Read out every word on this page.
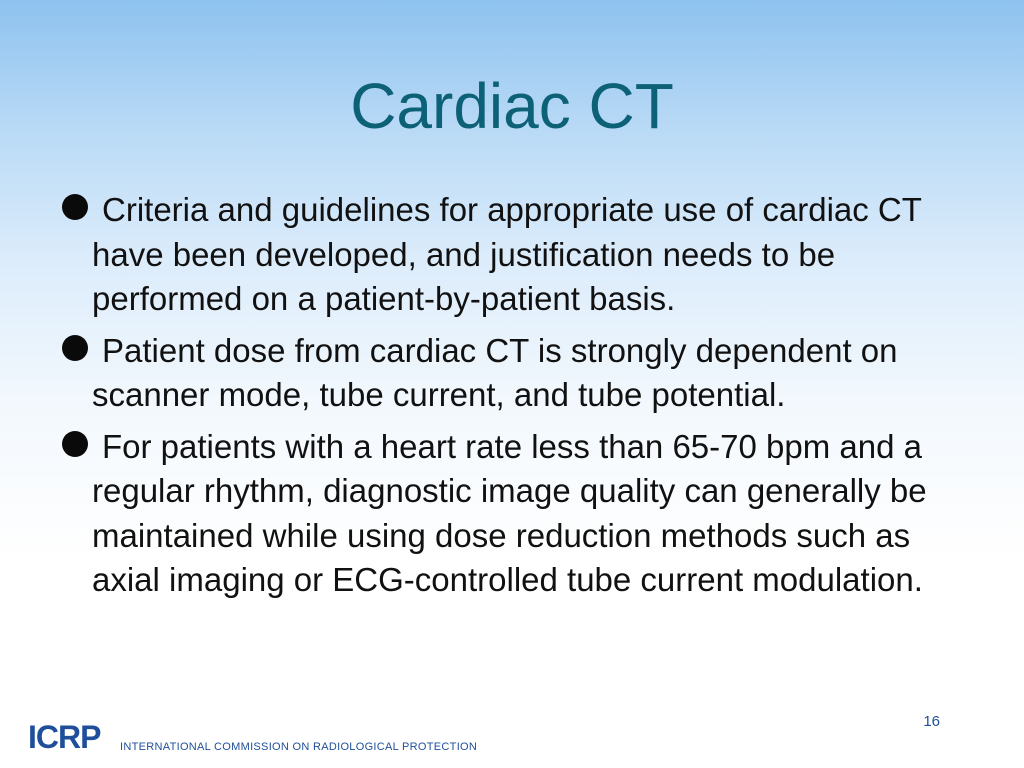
Cardiac CT
Criteria and guidelines for appropriate use of cardiac CT have been developed, and justification needs to be performed on a patient-by-patient basis.
Patient dose from cardiac CT is strongly dependent on scanner mode, tube current, and tube potential.
For patients with a heart rate less than 65-70 bpm and a regular rhythm, diagnostic image quality can generally be maintained while using dose reduction methods such as axial imaging or ECG-controlled tube current modulation.
16
ICRP INTERNATIONAL COMMISSION ON RADIOLOGICAL PROTECTION
